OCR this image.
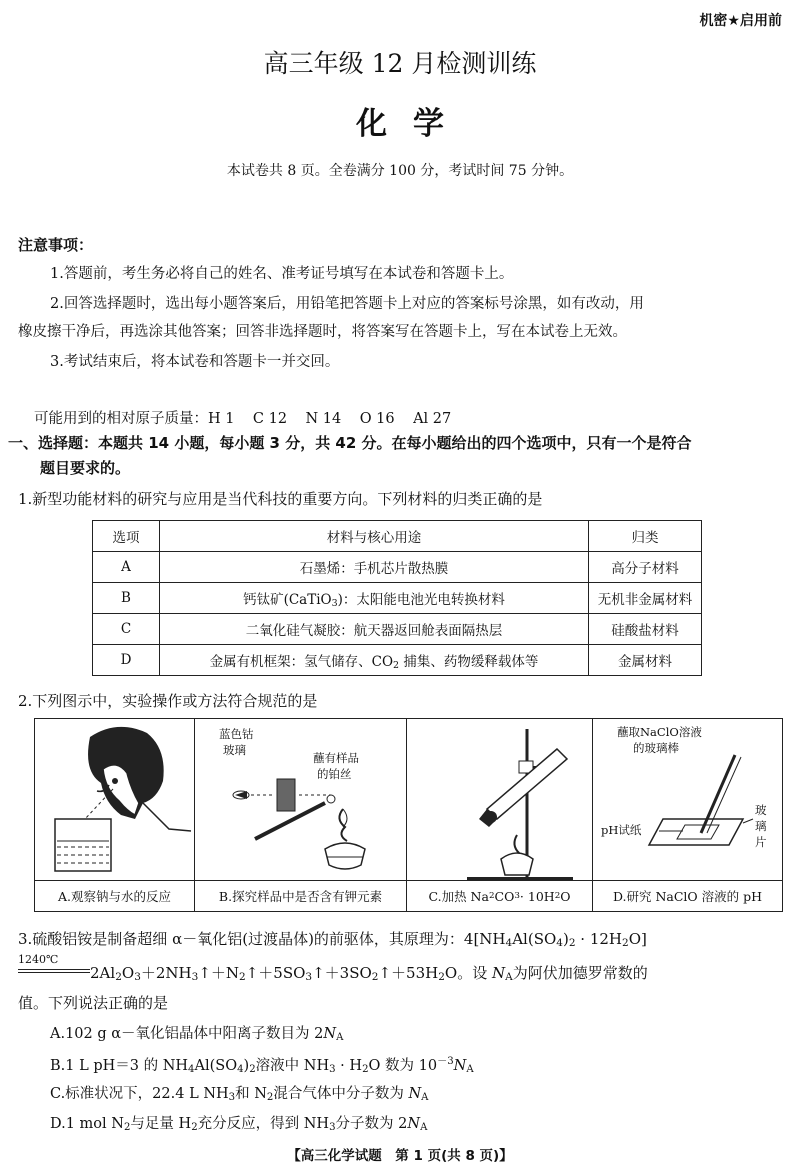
机密★启用前
高三年级 12 月检测训练
化学
本试卷共 8 页。全卷满分 100 分，考试时间 75 分钟。
注意事项：
1.答题前，考生务必将自己的姓名、准考证号填写在本试卷和答题卡上。
2.回答选择题时，选出每小题答案后，用铅笔把答题卡上对应的答案标号涂黑，如有改动，用
橡皮擦干净后，再选涂其他答案；回答非选择题时，将答案写在答题卡上，写在本试卷上无效。
3.考试结束后，将本试卷和答题卡一并交回。
可能用到的相对原子质量：H 1    C 12    N 14    O 16    Al 27
一、选择题：本题共 14 小题，每小题 3 分，共 42 分。在每小题给出的四个选项中，只有一个是符合
题目要求的。
1.新型功能材料的研究与应用是当代科技的重要方向。下列材料的归类正确的是
选项	材料与核心用途	归类
A	石墨烯：手机芯片散热膜	高分子材料
B	钙钛矿(CaTiO$_3$)：太阳能电池光电转换材料	无机非金属材料
C	二氧化硅气凝胶：航天器返回舱表面隔热层	硅酸盐材料
D	金属有机框架：氢气储存、$CO_2$ 捕集、药物缓释载体等	金属材料
2.下列图示中，实验操作或方法符合规范的是
A.观察钠与水的反应
蓝色钴
玻璃
蘸有样品
的铂丝
B.探究样品中是否含有钾元素	C.加热 Na 2 CO 3 · 10H 2 O
蘸取NaClO溶液
的玻璃棒
pH试纸
玻
璃
片
D.研究 NaClO 溶液的 pH
3.硫酸铝铵是制备超细 α－氧化铝(过渡晶体)的前驱体，其原理为：$4[NH_4Al(SO_4)_2 \cdot 12H_2O]$
1240℃
$2Al_2O_3+2NH_3↑+N_2↑+5SO_3↑+3SO_2↑+53H_2O$。设 $N_A$为阿伏加德罗常数的
值。下列说法正确的是
A.102 g α－氧化铝晶体中阳离子数目为 $2N_A$
B.1 L pH＝3 的 $NH_4Al(SO_4)_2$溶液中 $NH_3 \cdot H_2O$ 数为 $10^{-3}N_A$
C.标准状况下，22.4 L $NH_3$和 $N_2$混合气体中分子数为 $N_A$
D.1 mol $N_2$与足量 $H_2$充分反应，得到 $NH_3$分子数为 $2N_A$
【高三化学试题　第 1 页(共 8 页)】
